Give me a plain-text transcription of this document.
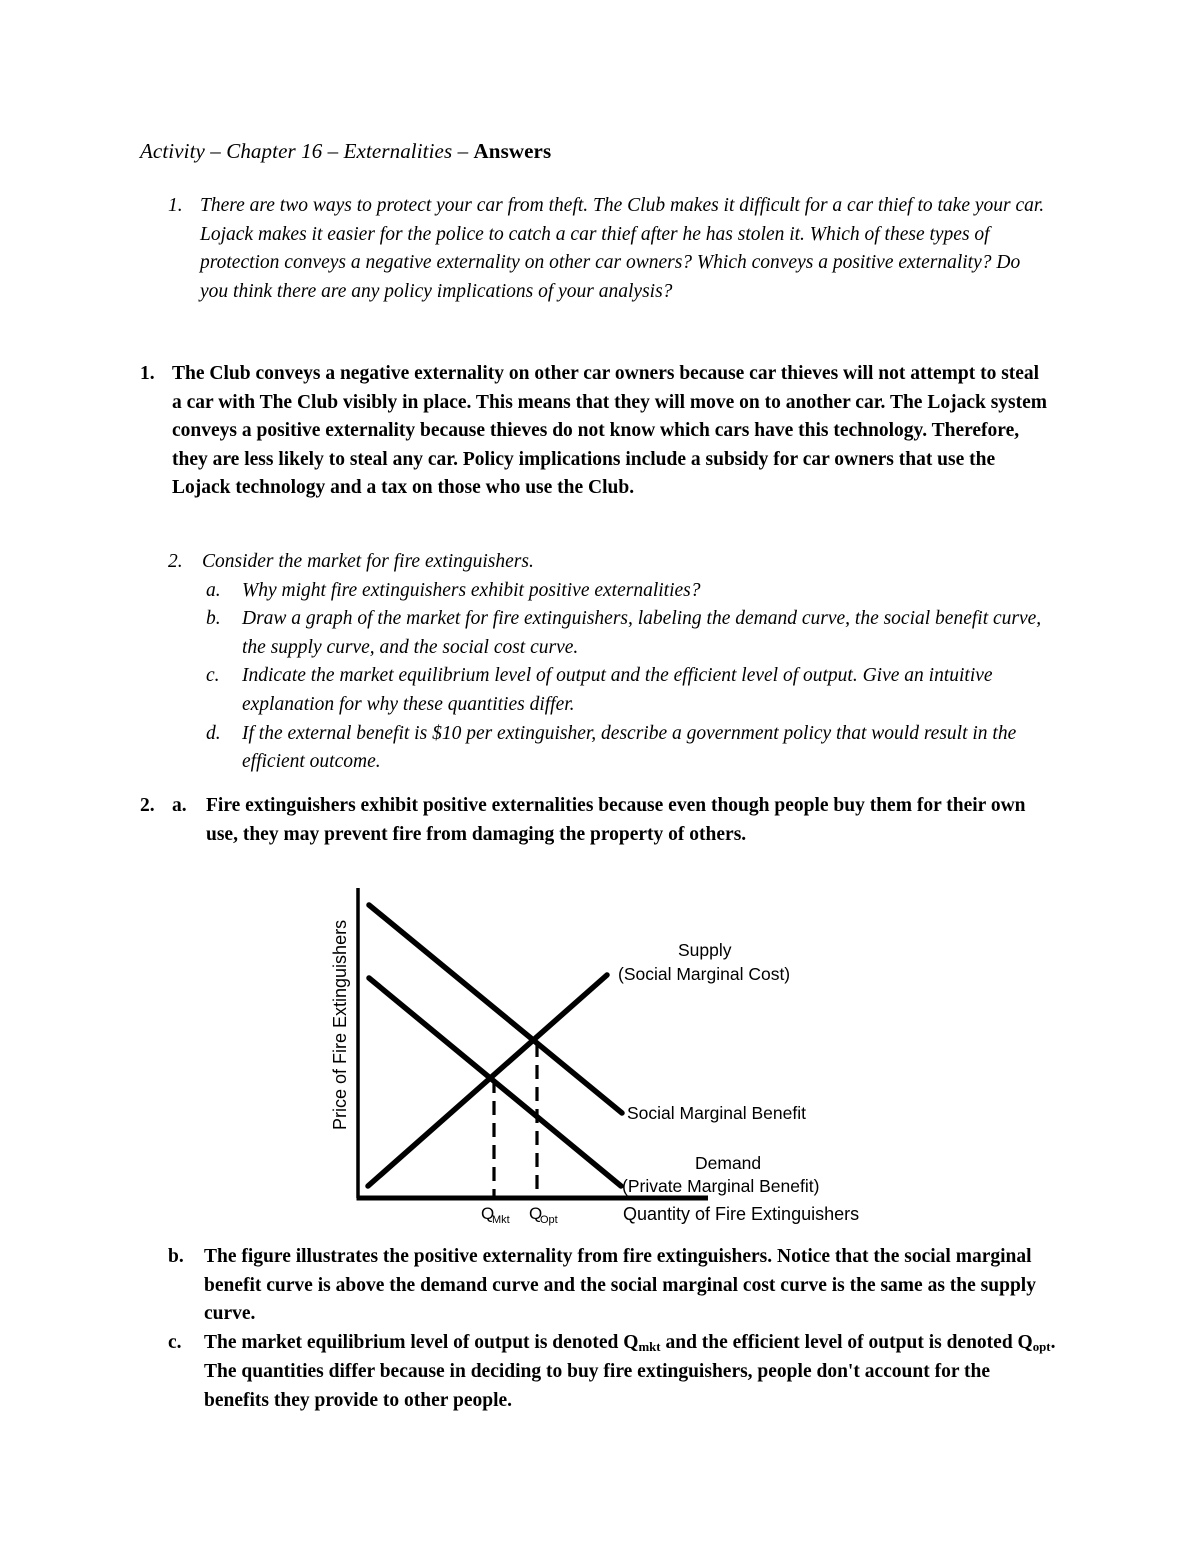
Activity – Chapter 16 – Externalities – Answers
1. There are two ways to protect your car from theft. The Club makes it difficult for a car thief to take your car. Lojack makes it easier for the police to catch a car thief after he has stolen it. Which of these types of protection conveys a negative externality on other car owners? Which conveys a positive externality? Do you think there are any policy implications of your analysis?
1. The Club conveys a negative externality on other car owners because car thieves will not attempt to steal a car with The Club visibly in place. This means that they will move on to another car. The Lojack system conveys a positive externality because thieves do not know which cars have this technology. Therefore, they are less likely to steal any car. Policy implications include a subsidy for car owners that use the Lojack technology and a tax on those who use the Club.
2. Consider the market for fire extinguishers.
a.	Why might fire extinguishers exhibit positive externalities?
b.	Draw a graph of the market for fire extinguishers, labeling the demand curve, the social benefit curve, the supply curve, and the social cost curve.
c.	Indicate the market equilibrium level of output and the efficient level of output. Give an intuitive explanation for why these quantities differ.
d.	If the external benefit is $10 per extinguisher, describe a government policy that would result in the efficient outcome.
2. a. Fire extinguishers exhibit positive externalities because even though people buy them for their own use, they may prevent fire from damaging the property of others.
Price of Fire Extinguishers
Quantity of Fire Extinguishers
Supply
(Social Marginal Cost)
Social Marginal Benefit
Demand
(Private Marginal Benefit)
Q
Mkt Q
Opt
b.	The figure illustrates the positive externality from fire extinguishers. Notice that the social marginal benefit curve is above the demand curve and the social marginal cost curve is the same as the supply curve.
c.	The market equilibrium level of output is denoted $Q_{mkt}$ and the efficient level of output is denoted $Q_{opt}$. The quantities differ because in deciding to buy fire extinguishers, people don't account for the benefits they provide to other people.
